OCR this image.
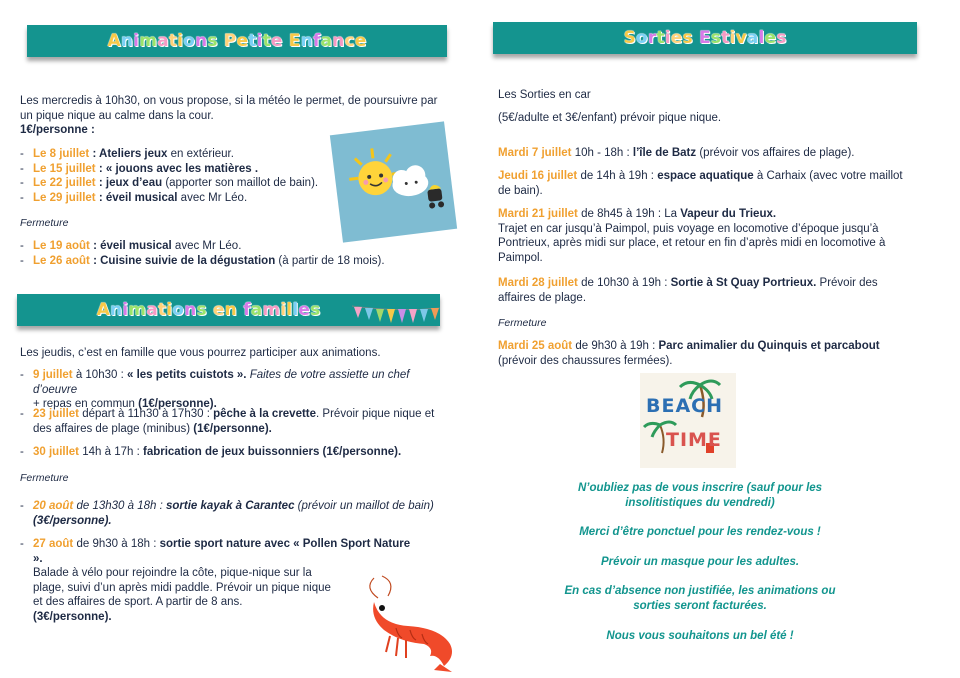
Animations Petite Enfance
Les mercredis à 10h30, on vous propose, si la météo le permet, de poursuivre par un pique nique au calme dans la cour.
1€/personne :
- Le 8 juillet : Ateliers jeux en extérieur.
- Le 15 juillet : « jouons avec les matières .
- Le 22 juillet : jeux d’eau (apporter son maillot de bain).
- Le 29 juillet : éveil musical avec Mr Léo.
Fermeture
- Le 19 août : éveil musical avec Mr Léo.
- Le 26 août : Cuisine suivie de la dégustation (à partir de 18 mois).
Animations en familles
Les jeudis, c’est en famille que vous pourrez participer aux animations.
- 9 juillet à 10h30 : « les petits cuistots ». Faites de votre assiette un chef d’oeuvre
+ repas en commun (1€/personne).
- 23 juillet départ à 11h30 à 17h30 : pêche à la crevette. Prévoir pique nique et des affaires de plage (minibus) (1€/personne).
- 30 juillet 14h à 17h : fabrication de jeux buissonniers (1€/personne).
Fermeture
- 20 août de 13h30 à 18h : sortie kayak à Carantec (prévoir un maillot de bain)
(3€/personne).
- 27 août de 9h30 à 18h : sortie sport nature avec « Pollen Sport Nature ».
Balade à vélo pour rejoindre la côte, pique-nique sur la plage, suivi d’un après midi paddle. Prévoir un pique nique et des affaires de sport. A partir de 8 ans.(3€/personne).
Sorties Estivales
Les Sorties en car
(5€/adulte et 3€/enfant) prévoir pique nique.
Mardi 7 juillet 10h - 18h : l’île de Batz (prévoir vos affaires de plage).
Jeudi 16 juillet de 14h à 19h : espace aquatique à Carhaix (avec votre maillot de bain).
Mardi 21 juillet de 8h45 à 19h : La Vapeur du Trieux.
Trajet en car jusqu’à Paimpol, puis voyage en locomotive d’époque jusqu’à Pontrieux, après midi sur place, et retour en fin d’après midi en locomotive à Paimpol.
Mardi 28 juillet de 10h30 à 19h : Sortie à St Quay Portrieux. Prévoir des affaires de plage.
Fermeture
Mardi 25 août de 9h30 à 19h : Parc animalier du Quinquis et parcabout (prévoir des chaussures fermées).
BEACH
TIME
N’oubliez pas de vous inscrire (sauf pour les insolitistiques du vendredi)
Merci d’être ponctuel pour les rendez-vous !
Prévoir un masque pour les adultes.
En cas d’absence non justifiée, les animations ou sorties seront facturées.
Nous vous souhaitons un bel été !
